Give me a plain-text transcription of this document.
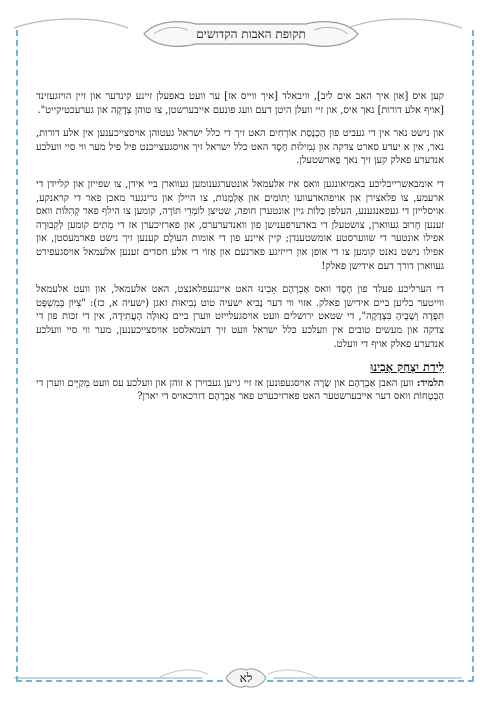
תקופת האבות הקדושים
לא

קען איס [און איך האב אים ליב], וויבאלד [איך ווייס אז] ער וועט באפעלן זיינע קינדער און זיין הויזגעזינד [אויף אלע דורות] נאך איס, און זיי וועלן היטן דעם וועג פונעם אייבערשטן, צו טוהן צְדָקָה און גערעכטיקייט".

און נישט נאר אין די געביט פון הַכְנָסַת אוֹרְחִים האט זיך די כלל ישראל געטוהן אויסצייכענען אין אלע דורות, נאר, אין א יעדע סארט צדקה און גְמִילוּת חֶסֶד האט כלל ישראל זיך אויסגעצייכנט פיל פיל מער ווי סיי וועלכע אנדערע פאלק קען זיך נאך פָארשטעלן.

די אומבאשרייבליכע באמיאונגען וואס איז אלעמאל אונטערגענומען געווארן ביי אידן, צו שפייזן און קליידן די ארעמע, צו פלאצירן און אויפהאדעוועו יְתוֹמִים און אַלְמָנוֹת, צו היילן און גרינגער מאכן פאר די קראנקע, אויסלייזן די געפאנגענע, העלפן כַּלּוֹת גיין אונטערן חופה, שטיצן לוֹמְדֵי תּוֹרָה, קומען צו הילף פאר קְהִלּוֹת וואס זענען חָרוּב געווארן, צושטעלן די באדערפענישן פון וואנדערערס, און פארזיכערן אז די מֵתִים קומען לְקְבוּרָה אפילו אונטער די שווערסטע אומשטענדן; קיין איינע פון די אומות העוֹלָם קענען זיך נישט פארמעסטן, און אפילו נישט נאנט קומען צו די אופן און רייזיגע פארנעם און אַזוֹי די אלע חסדים זענען אלעמאל אויסגעפירט געווארן דורך דעם אידישן פאלק!

די הערליכע פעלד פון חֶסֶד וואס אַבְרָהָם אָבִינוּ האט איינגעפלאנצט, האט אלעמאל, און וועט אלעמאל ווייטער בליען ביים אידישן פאלק. אזוי ווי דער נָבִיא ישעיה טוט נְבִיאוּת זאגן (ישעיה א, כז): "צִיּוֹן בְּמִשְׁפָּט תִּפָּדֶה וְשָׁבֶיהָ בִּצְדָקָה", די שטאט ירושלים וועט אויסגעלייזט ווערן ביים גְאוּלָה הָעֲתִידָה, אין די זכות פון די צדקה און מעשים טובים אין וועלכע כלל ישראל וועט זיך דעמאלסט אויסצייכענען, מער ווי סיי וועלכע אנדערע פאלק אויף די וועלט.

לֵידַת יִצְחָק אָבִינוּ

תלמיד: ווען האבן אַבְרָהָם און שָׂרָה אויסגעפונען אז זיי גייען געבוירן א זוהן און וועלכע עס וועט מְקַיֵּים ווערן די הַבְטָחוֹת וואס דער אייבערשטער האט פארזיכערט פאר אַבְרָהָם דורכאויס די יארן?
